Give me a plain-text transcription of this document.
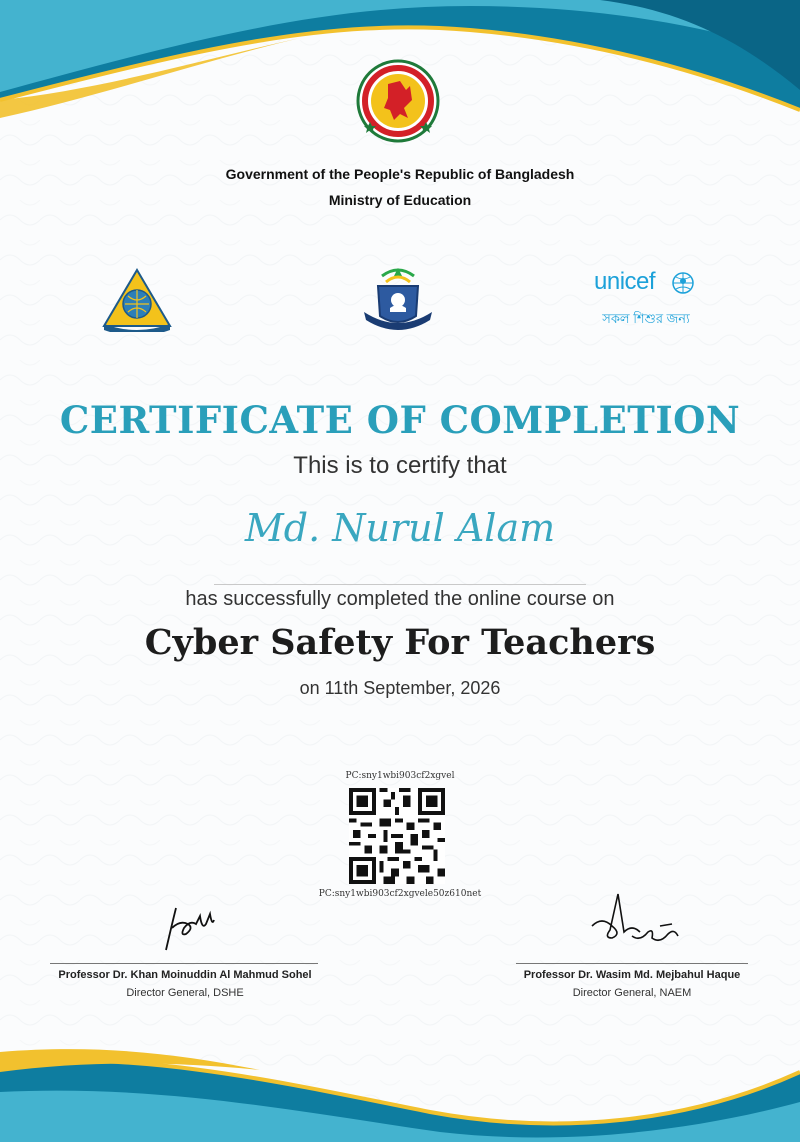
Government of the People's Republic of Bangladesh
Ministry of Education
unicef
সকল শিশুর জন্য
CERTIFICATE OF COMPLETION
This is to certify that
Md. Nurul Alam
has successfully completed the online course on
Cyber Safety For Teachers
on 11th September, 2026
PC:sny1wbi903cf2xgvel
PC:sny1wbi903cf2xgvele50z610net
Professor Dr. Khan Moinuddin Al Mahmud Sohel
Director General, DSHE
Professor Dr. Wasim Md. Mejbahul Haque
Director General, NAEM
